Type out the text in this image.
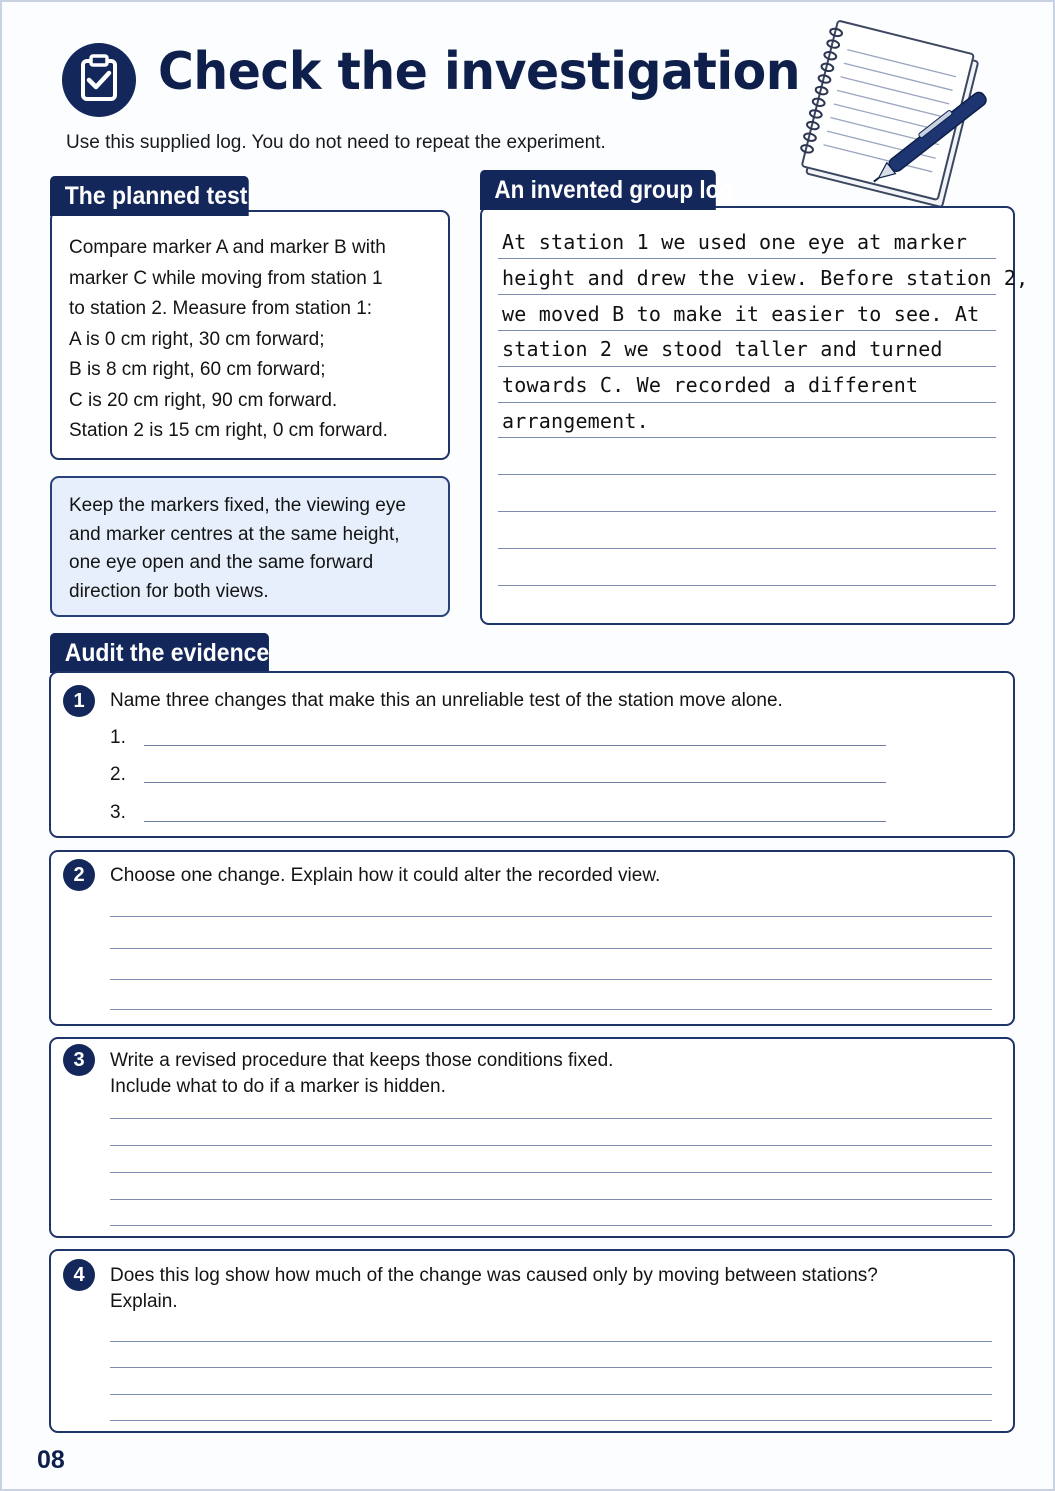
Check the investigation
Use this supplied log. You do not need to repeat the experiment.
The planned test
Compare marker A and marker B with
marker C while moving from station 1
to station 2. Measure from station 1:
A is 0 cm right, 30 cm forward;
B is 8 cm right, 60 cm forward;
C is 20 cm right, 90 cm forward.
Station 2 is 15 cm right, 0 cm forward.
Keep the markers fixed, the viewing eye
and marker centres at the same height,
one eye open and the same forward
direction for both views.
An invented group log
At station 1 we used one eye at marker
height and drew the view. Before station 2,
we moved B to make it easier to see. At
station 2 we stood taller and turned
towards C. We recorded a different
arrangement.
Audit the evidence
1	Name three changes that make this an unreliable test of the station move alone.
1.
2.
3.
2	Choose one change. Explain how it could alter the recorded view.
3	Write a revised procedure that keeps those conditions fixed.
Include what to do if a marker is hidden.
4	Does this log show how much of the change was caused only by moving between stations?
Explain.
08
